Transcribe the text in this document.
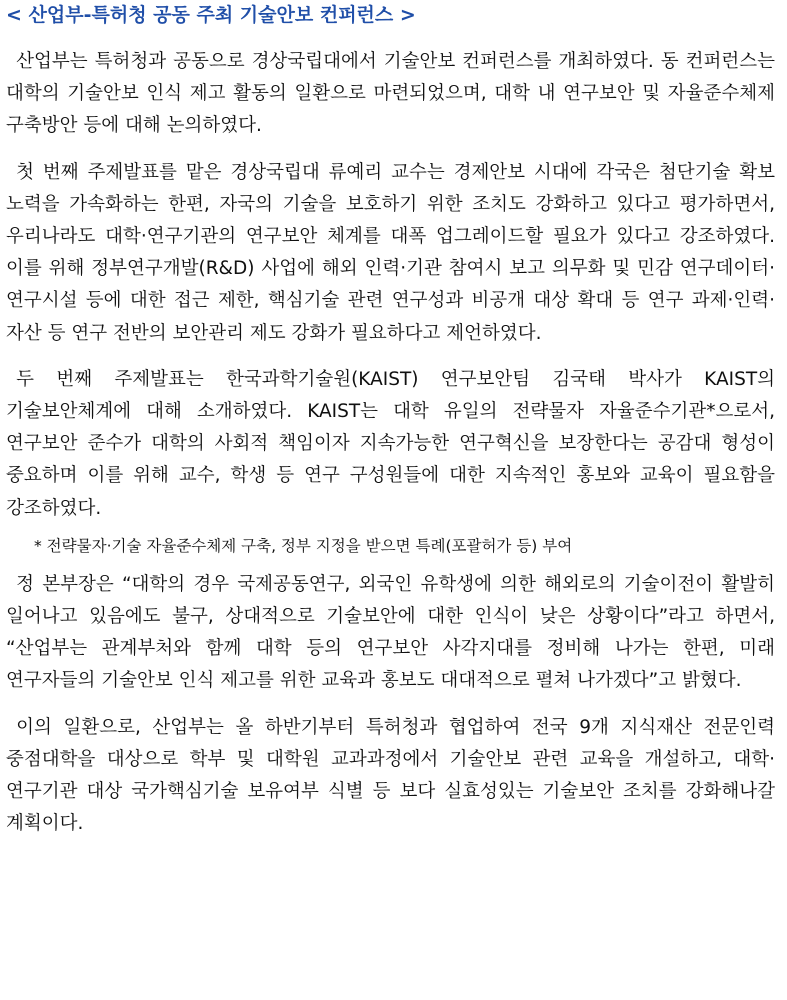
< 산업부-특허청 공동 주최 기술안보 컨퍼런스 >

산업부는 특허청과 공동으로 경상국립대에서 기술안보 컨퍼런스를 개최하였다. 동 컨퍼런스는 대학의 기술안보 인식 제고 활동의 일환으로 마련되었으며, 대학 내 연구보안 및 자율준수체제 구축방안 등에 대해 논의하였다.

첫 번째 주제발표를 맡은 경상국립대 류예리 교수는 경제안보 시대에 각국은 첨단기술 확보 노력을 가속화하는 한편, 자국의 기술을 보호하기 위한 조치도 강화하고 있다고 평가하면서, 우리나라도 대학·연구기관의 연구보안 체계를 대폭 업그레이드할 필요가 있다고 강조하였다. 이를 위해 정부연구개발(R&D) 사업에 해외 인력·기관 참여시 보고 의무화 및 민감 연구데이터·연구시설 등에 대한 접근 제한, 핵심기술 관련 연구성과 비공개 대상 확대 등 연구 과제·인력·자산 등 연구 전반의 보안관리 제도 강화가 필요하다고 제언하였다.

두 번째 주제발표는 한국과학기술원(KAIST) 연구보안팀 김국태 박사가 KAIST의 기술보안체계에 대해 소개하였다. KAIST는 대학 유일의 전략물자 자율준수기관*으로서, 연구보안 준수가 대학의 사회적 책임이자 지속가능한 연구혁신을 보장한다는 공감대 형성이 중요하며 이를 위해 교수, 학생 등 연구 구성원들에 대한 지속적인 홍보와 교육이 필요함을 강조하였다.

* 전략물자·기술 자율준수체제 구축, 정부 지정을 받으면 특례(포괄허가 등) 부여

정 본부장은 “대학의 경우 국제공동연구, 외국인 유학생에 의한 해외로의 기술이전이 활발히 일어나고 있음에도 불구, 상대적으로 기술보안에 대한 인식이 낮은 상황이다”라고 하면서, “산업부는 관계부처와 함께 대학 등의 연구보안 사각지대를 정비해 나가는 한편, 미래 연구자들의 기술안보 인식 제고를 위한 교육과 홍보도 대대적으로 펼쳐 나가겠다”고 밝혔다.

이의 일환으로, 산업부는 올 하반기부터 특허청과 협업하여 전국 9개 지식재산 전문인력 중점대학을 대상으로 학부 및 대학원 교과과정에서 기술안보 관련 교육을 개설하고, 대학·연구기관 대상 국가핵심기술 보유여부 식별 등 보다 실효성있는 기술보안 조치를 강화해나갈 계획이다.
